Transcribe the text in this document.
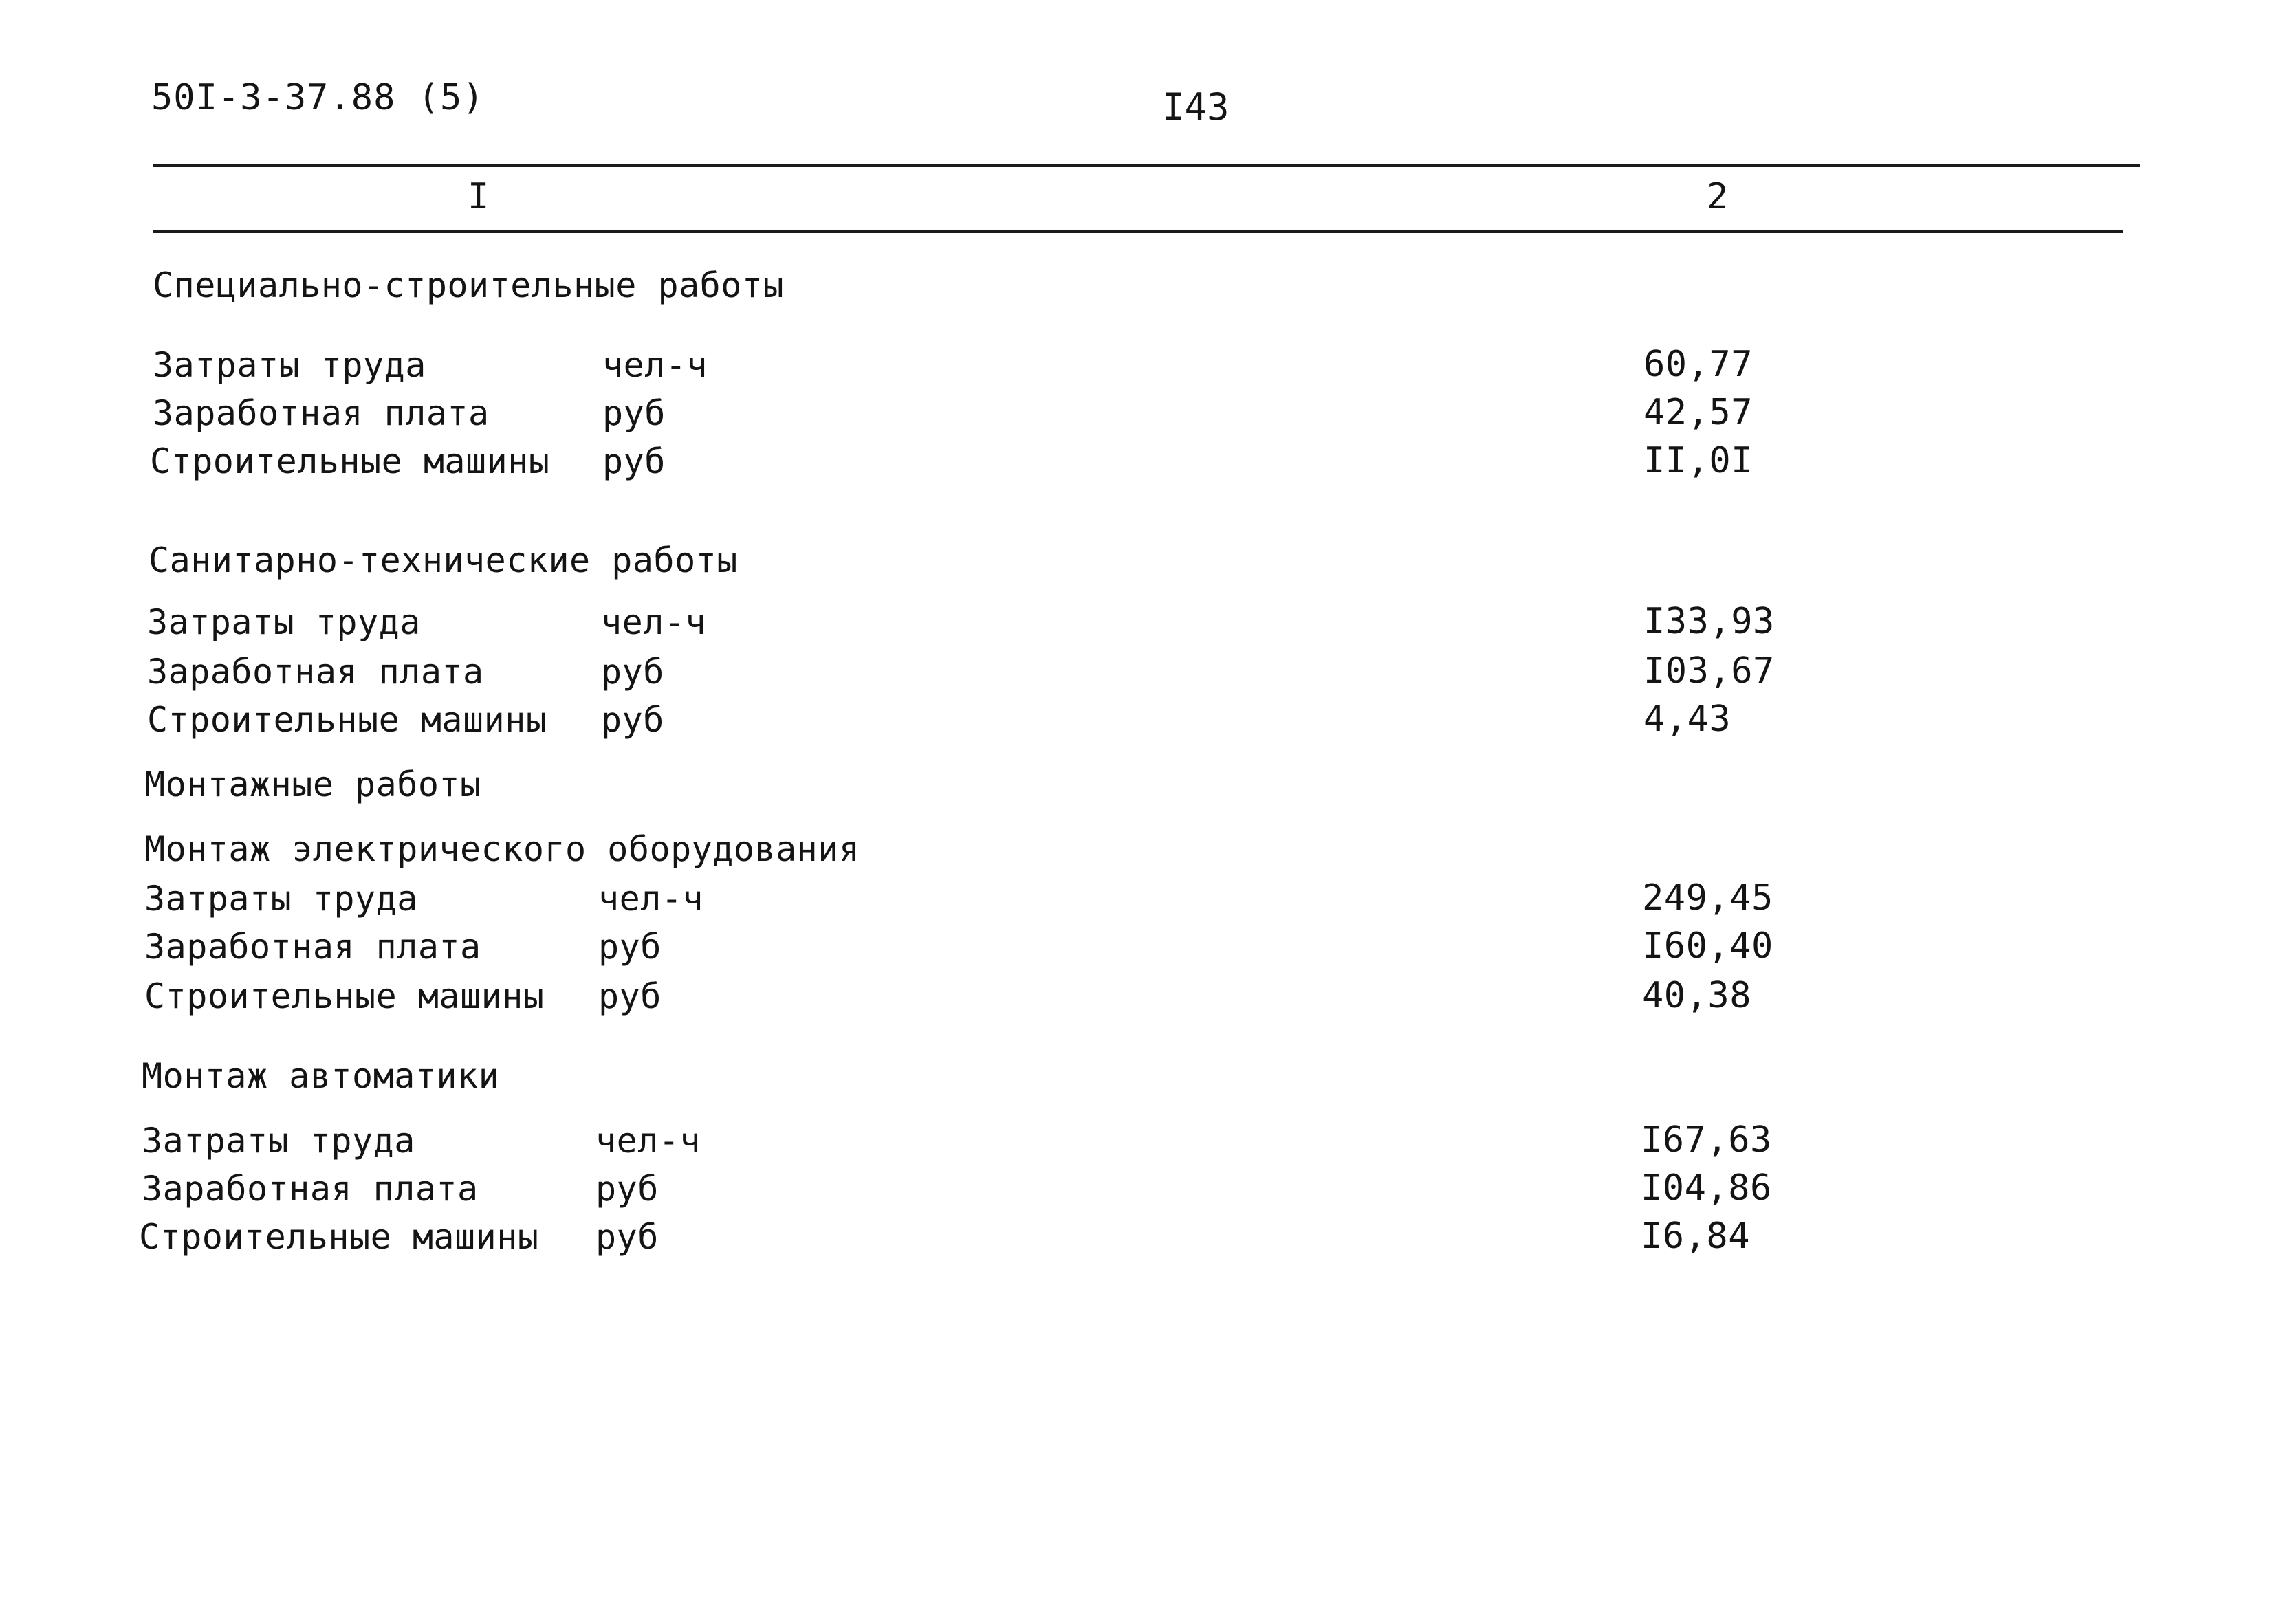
50I-3-37.88 (5)	I43
I	2
Специально-строительные работы
Затраты труда	чел-ч	60,77
Заработная плата	руб	42,57
Строительные машины руб	II,0I
Санитарно-технические работы
Затраты труда	чел-ч	I33,93
Заработная плата	руб	I03,67
Строительные машины руб	4,43
Монтажные работы
Монтаж электрического оборудования
Затраты труда	чел-ч	249,45
Заработная плата	руб	I60,40
Строительные машины руб	40,38
Монтаж автоматики
Затраты труда	чел-ч	I67,63
Заработная плата	руб	I04,86
Строительные машины руб	I6,84
